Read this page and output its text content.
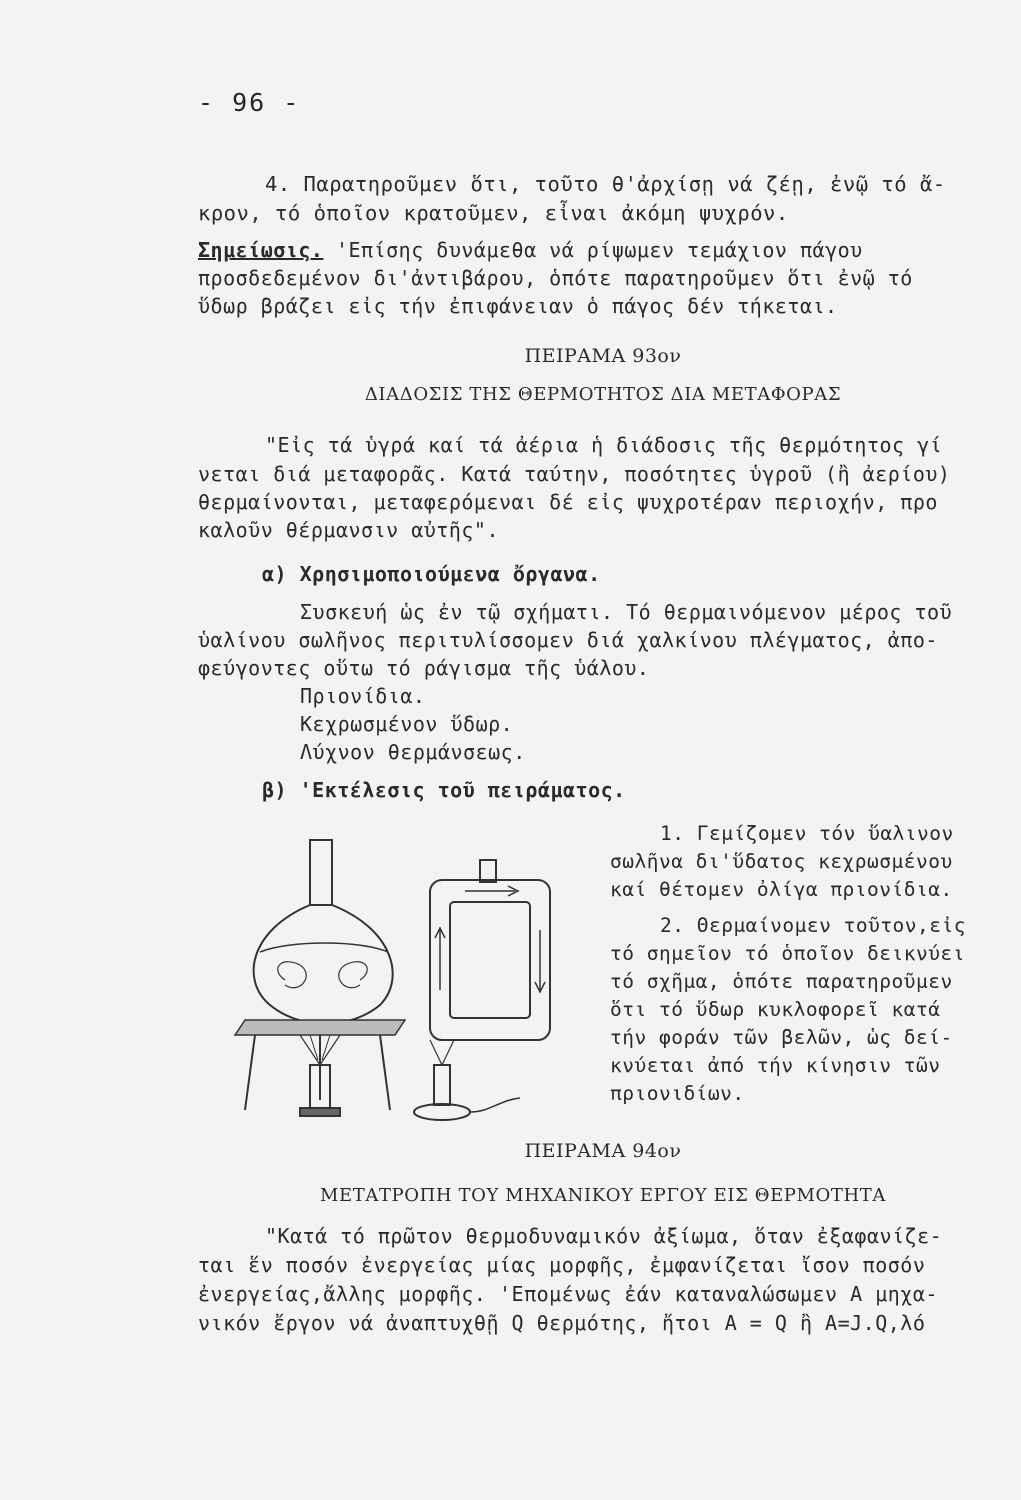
- 96 -
4. Παρατηροῦμεν ὅτι, τοῦτο θ'ἀρχίσῃ νά ζέῃ, ἐνῷ τό ἄ-
κρον, τό ὁποῖον κρατοῦμεν, εἶναι ἀκόμη ψυχρόν.
Σημείωσις. 'Επίσης δυνάμεθα νά ρίψωμεν τεμάχιον πάγου
προσδεδεμένον δι'ἀντιβάρου, ὁπότε παρατηροῦμεν ὅτι ἐνῷ τό
ὕδωρ βράζει εἰς τήν ἐπιφάνειαν ὁ πάγος δέν τήκεται.
ΠΕΙΡΑΜΑ 93ον
ΔΙΑΔΟΣΙΣ ΤΗΣ ΘΕΡΜΟΤΗΤΟΣ ΔΙΑ ΜΕΤΑΦΟΡΑΣ
"Εἰς τά ὑγρά καί τά ἀέρια ἡ διάδοσις τῆς θερμότητος γί
νεται διά μεταφορᾶς. Κατά ταύτην, ποσότητες ὑγροῦ (ἢ ἀερίου)
θερμαίνονται, μεταφερόμεναι δέ εἰς ψυχροτέραν περιοχήν, προ
καλοῦν θέρμανσιν αὐτῆς".
α) Χρησιμοποιούμενα ὄργανα.
Συσκευή ὡς ἐν τῷ σχήματι. Τό θερμαινόμενον μέρος τοῦ
ὑαλίνου σωλῆνος περιτυλίσσομεν διά χαλκίνου πλέγματος, ἀπο-
φεύγοντες οὕτω τό ράγισμα τῆς ὑάλου.
Πριονίδια.
Κεχρωσμένον ὕδωρ.
Λύχνον θερμάνσεως.
β) 'Εκτέλεσις τοῦ πειράματος.
1. Γεμίζομεν τόν ὕαλινον
σωλῆνα δι'ὕδατος κεχρωσμένου
καί θέτομεν ὀλίγα πριονίδια.
2. Θερμαίνομεν τοῦτον,εἰς
τό σημεῖον τό ὁποῖον δεικνύει
τό σχῆμα, ὁπότε παρατηροῦμεν
ὅτι τό ὕδωρ κυκλοφορεῖ κατά
τήν φοράν τῶν βελῶν, ὡς δεί-
κνύεται ἀπό τήν κίνησιν τῶν
πριονιδίων.
ΠΕΙΡΑΜΑ 94ον
ΜΕΤΑΤΡΟΠΗ ΤΟΥ ΜΗΧΑΝΙΚΟΥ ΕΡΓΟΥ ΕΙΣ ΘΕΡΜΟΤΗΤΑ
"Κατά τό πρῶτον θερμοδυναμικόν ἀξίωμα, ὅταν ἐξαφανίζε-
ται ἕν ποσόν ἐνεργείας μίας μορφῆς, ἐμφανίζεται ἴσον ποσόν
ἐνεργείας,ἄλλης μορφῆς. 'Επομένως ἐάν καταναλώσωμεν Α μηχα-
νικόν ἔργον νά ἀναπτυχθῇ Q θερμότης, ἤτοι Α = Q ἢ Α=J.Q,λό
